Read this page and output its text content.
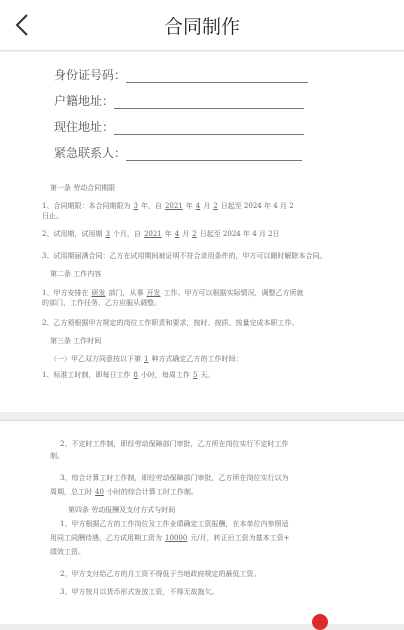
合同制作
身份证号码：
户籍地址：
现住地址：
紧急联系人：
第一条 劳动合同期限
1、合同期限：本合同期限为 3 年，自 2021 年 4 月 2 日起至 2024 年 4 月 2
日止。
2、试用期，试用期 3 个月，自 2021 年 4 月 2 日起至 2024 年 4 月 2日
3、试用期届满合同：乙方在试用期间被证明不符合录用条件的，甲方可以随时解除本合同。
第二条 工作内容
1、甲方安排在 研发 部门，从事 开发 工作。甲方可以根据实际情况，调整乙方所就
的部门、工作任务，乙方应服从调整。
2、乙方须根据甲方规定的岗位工作职责和要求，按时、按质、按量完成本职工作。
第三条 工作时间
（一）甲乙双方同意按以下第 1 种方式确定乙方的工作时间：
1、标准工时制，即每日工作 8 小时，每周工作 5 天。
2、不定时工作制，即经劳动保障部门审批，乙方所在岗位实行不定时工作
制。
3、综合计算工时工作制，即经劳动保障部门审批，乙方所在岗位实行以为
周期，总工时 40 小时的综合计算工时工作制。
第四条 劳动报酬及支付方式与时间
1、甲方根据乙方的工作岗位及工作业绩确定工资报酬，在本单位内参照适
用同工同酬待遇，乙方试用期工资为 10000 元/月，转正后工资为基本工资+
绩效工资。
2、甲方支付给乙方的月工资不得低于当地政府规定的最低工资。
3、甲方按月以货币形式发放工资，不得无故拖欠。
